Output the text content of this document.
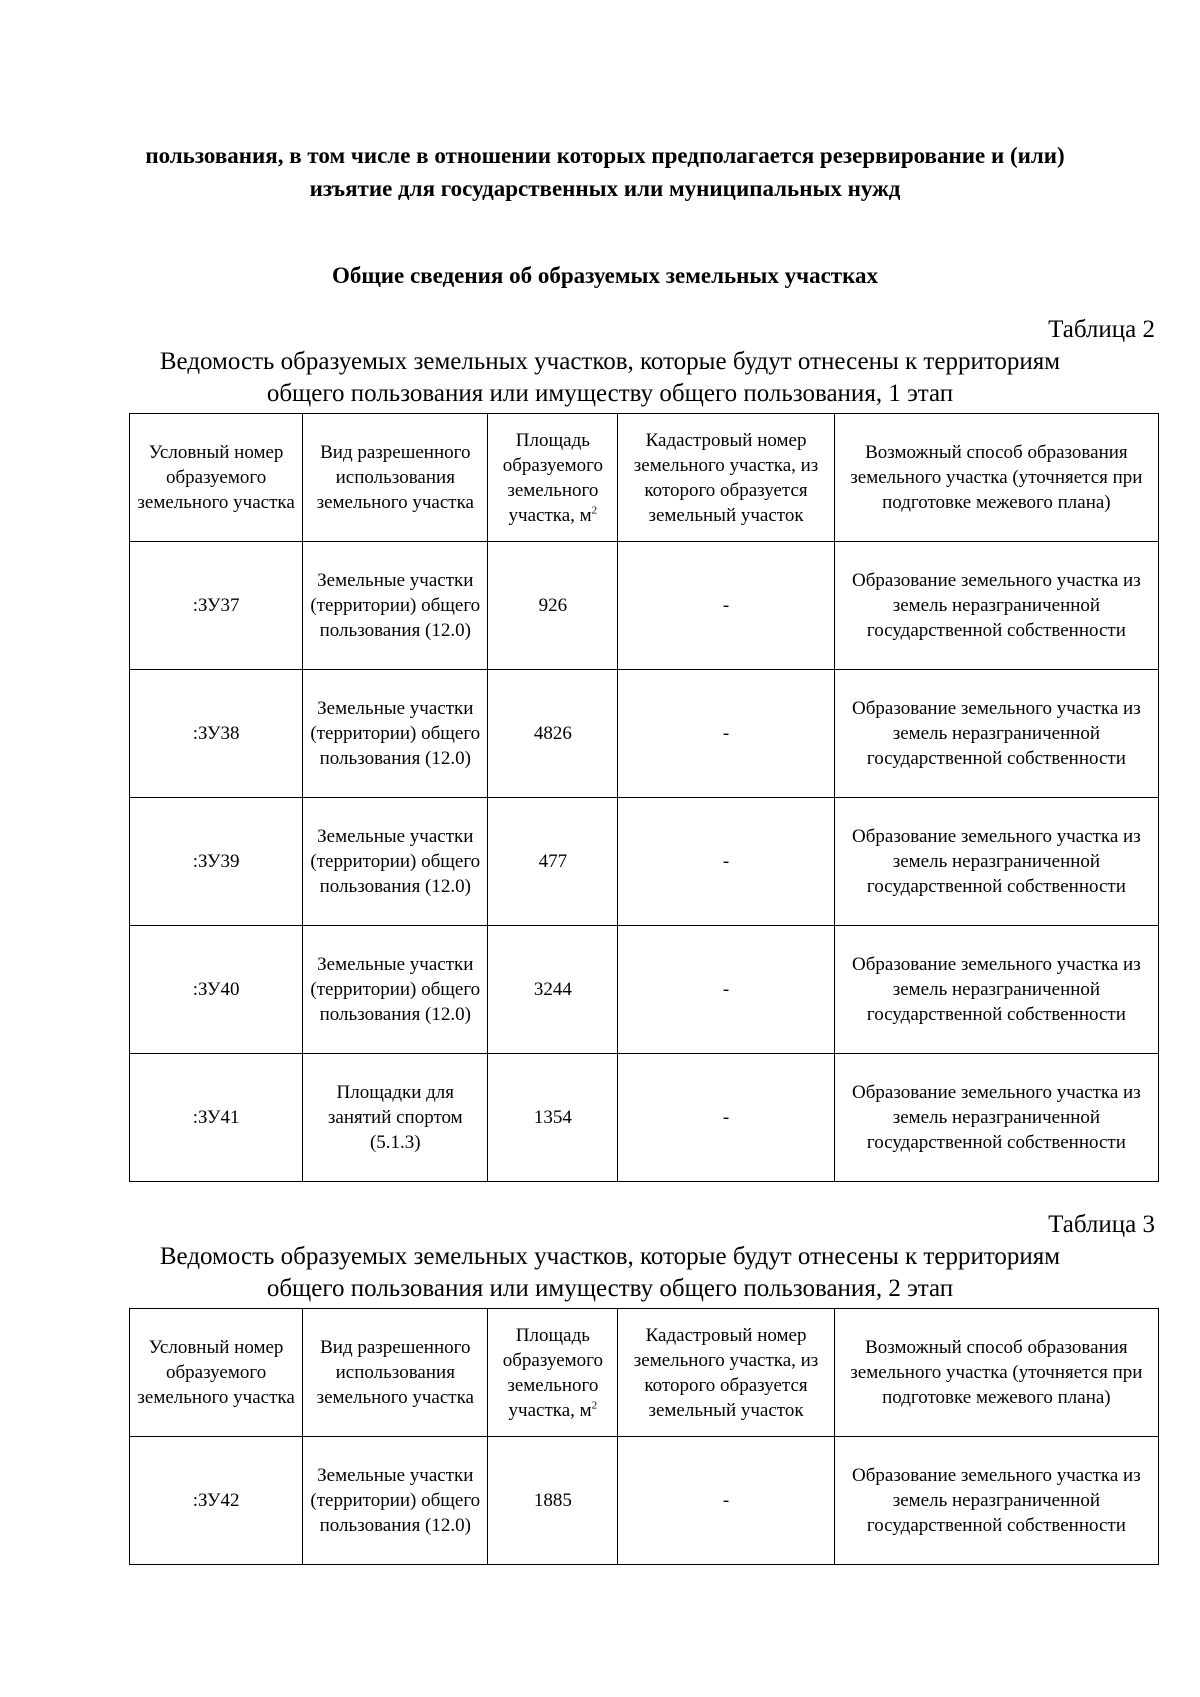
пользования, в том числе в отношении которых предполагается резервирование и (или) изъятие для государственных или муниципальных нужд
Общие сведения об образуемых земельных участках
Таблица 2
Ведомость образуемых земельных участков, которые будут отнесены к территориям общего пользования или имуществу общего пользования, 1 этап
Условный номер образуемого земельного участка	Вид разрешенного использования земельного участка	Площадь образуемого земельного участка, $м^2$	Кадастровый номер земельного участка, из которого образуется земельный участок	Возможный способ образования земельного участка (уточняется при подготовке межевого плана)
:ЗУ37	Земельные участки (территории) общего пользования (12.0)	926	-	Образование земельного участка из земель неразграниченной государственной собственности
:ЗУ38	Земельные участки (территории) общего пользования (12.0)	4826	-	Образование земельного участка из земель неразграниченной государственной собственности
:ЗУ39	Земельные участки (территории) общего пользования (12.0)	477	-	Образование земельного участка из земель неразграниченной государственной собственности
:ЗУ40	Земельные участки (территории) общего пользования (12.0)	3244	-	Образование земельного участка из земель неразграниченной государственной собственности
:ЗУ41	Площадки для занятий спортом (5.1.3)	1354	-	Образование земельного участка из земель неразграниченной государственной собственности
Таблица 3
Ведомость образуемых земельных участков, которые будут отнесены к территориям общего пользования или имуществу общего пользования, 2 этап
Условный номер образуемого земельного участка	Вид разрешенного использования земельного участка	Площадь образуемого земельного участка, $м^2$	Кадастровый номер земельного участка, из которого образуется земельный участок	Возможный способ образования земельного участка (уточняется при подготовке межевого плана)
:ЗУ42	Земельные участки (территории) общего пользования (12.0)	1885	-	Образование земельного участка из земель неразграниченной государственной собственности
